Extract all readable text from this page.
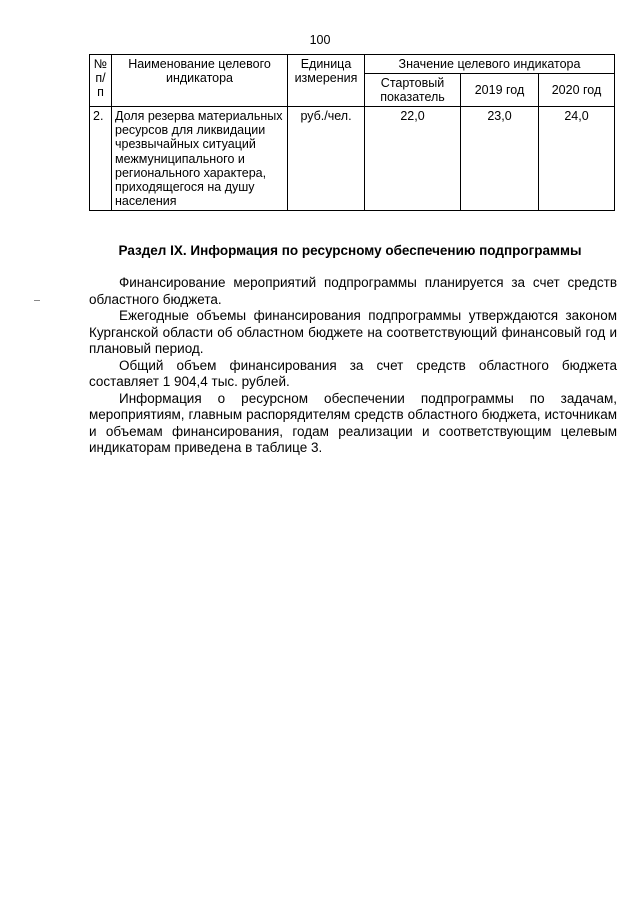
100
№ п/ п	Наименование целевого индикатора	Единица измерения	Значение целевого индикатора		
			Стартовый показатель	2019 год	2020 год
2.	Доля резерва материальных ресурсов для ликвидации чрезвычайных ситуаций межмуниципального и регионального характера, приходящегося на душу населения	руб./чел.	22,0	23,0	24,0
Раздел IX. Информация по ресурсному обеспечению подпрограммы

Финансирование мероприятий подпрограммы планируется за счет средств областного бюджета.

Ежегодные объемы финансирования подпрограммы утверждаются законом Курганской области об областном бюджете на соответствующий финансовый год и плановый период.

Общий объем финансирования за счет средств областного бюджета составляет 1 904,4 тыс. рублей.

Информация о ресурсном обеспечении подпрограммы по задачам, мероприятиям, главным распорядителям средств областного бюджета, источникам и объемам финансирования, годам реализации и соответствующим целевым индикаторам приведена в таблице 3.
